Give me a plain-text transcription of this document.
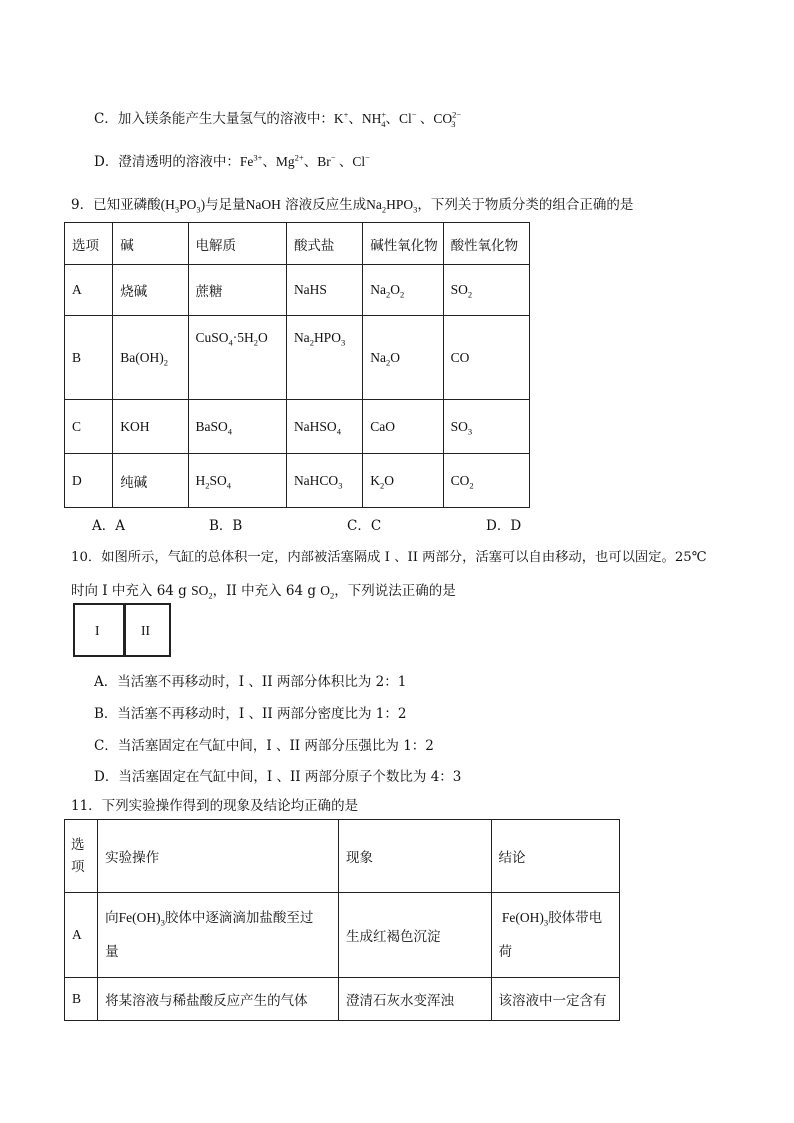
C．加入镁条能产生大量氢气的溶液中：K+、$NH^+_4$、Cl− 、$CO^{2-}_3$
D．澄清透明的溶液中：$Fe^{3+}$、$Mg^{2+}$、Br− 、Cl−
9．已知亚磷酸$(H_3PO_3)$与足量NaOH 溶液反应生成$Na_2HPO_3$，下列关于物质分类的组合正确的是
选项	碱	电解质	酸式盐	碱性氧化物	酸性氧化物
A	烧碱	蔗糖	NaHS	$Na_2O_2$	$SO_2$
B	$Ba(OH)_2$	$CuSO_4\cdot 5H_2O$	$Na_2HPO_3$	$Na_2O$	CO
C	KOH	BaSO$_4$	NaHSO$_4$	CaO	$SO_3$
D	纯碱	$H_2SO_4$	NaHCO$_3$	$K_2O$	$CO_2$
A．A	B．B	C．C	D．D
10．如图所示，气缸的总体积一定，内部被活塞隔成 I 、II 两部分，活塞可以自由移动，也可以固定。25℃
时向 I 中充入 64 g $SO_2$，II 中充入 64 g $O_2$，下列说法正确的是
I	II
A．当活塞不再移动时，I 、II 两部分体积比为 2：1
B．当活塞不再移动时，I 、II 两部分密度比为 1：2
C．当活塞固定在气缸中间，I 、II 两部分压强比为 1：2
D．当活塞固定在气缸中间，I 、II 两部分原子个数比为 4：3
11．下列实验操作得到的现象及结论均正确的是
选
项	实验操作	现象	结论
A	向$Fe(OH)_3$胶体中逐滴滴加盐酸至过
量	生成红褐色沉淀	$Fe(OH)_3$胶体带电
荷
B	将某溶液与稀盐酸反应产生的气体	澄清石灰水变浑浊	该溶液中一定含有
